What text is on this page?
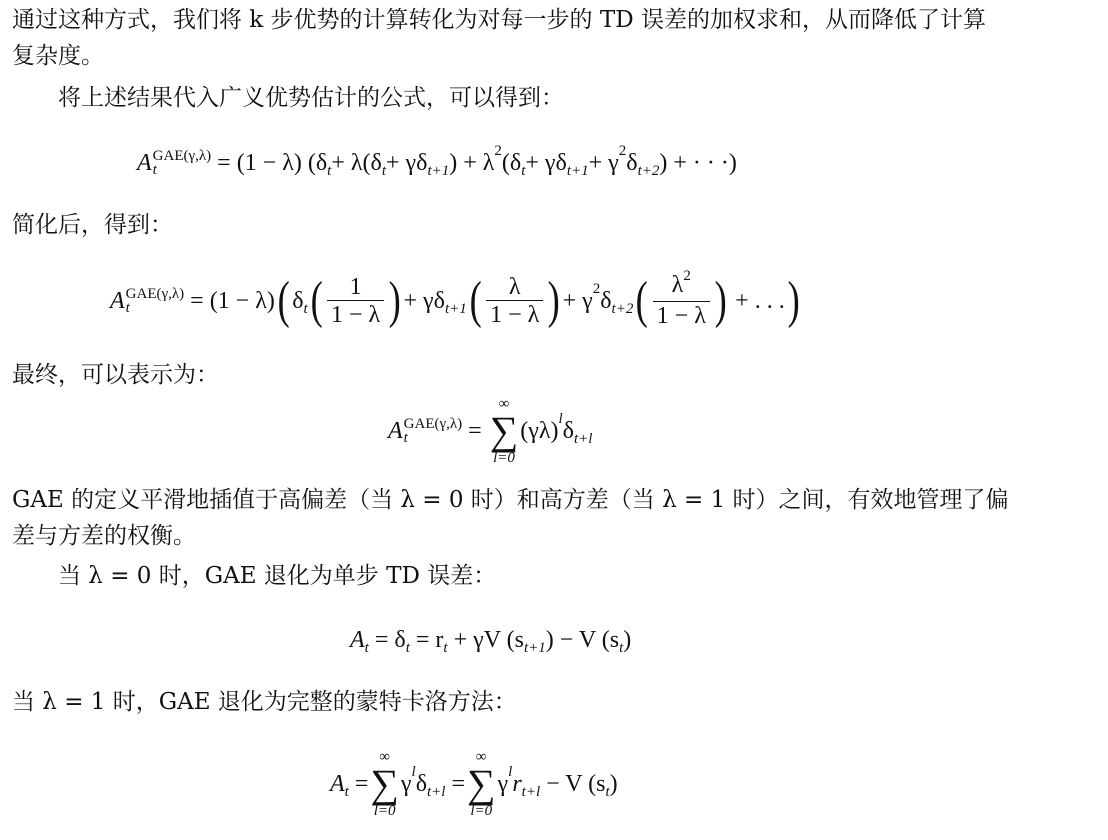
通过这种方式，我们将 k 步优势的计算转化为对每一步的 TD 误差的加权求和，从而降低了计算
复杂度。
将上述结果代入广义优势估计的公式，可以得到：
A GAE(γ,λ)
t	= (1 − λ) (δ t + λ(δ t + γδ t+1 ) + λ 2 (δ t + γδ t+1 + γ 2 δ t+2 ) + · · ·)
简化后，得到：
A GAE(γ,λ)
t	= (1 − λ) ( δ t ( $\frac{1}{1 - \lambda}$ ) + γδ t+1 ( $\frac{\lambda}{1 - \lambda}$ ) + γ 2 δ t+2 ( $\frac{\lambda^2}{1 - \lambda}$ ) + . . . )
最终，可以表示为：
A GAE(γ,λ)
t	=
∞
∑
l=0
(γλ) l δ t+l
GAE 的定义平滑地插值于高偏差（当 λ = 0 时）和高方差（当 λ = 1 时）之间，有效地管理了偏
差与方差的权衡。
当 λ = 0 时，GAE 退化为单步 TD 误差：
A t = δ t = r t + γV (s t+1 ) − V (s t )
当 λ = 1 时，GAE 退化为完整的蒙特卡洛方法：
A t =
∞
∑
l=0
γ l δ t+l =
∞
∑
l=0
γ l r t+l − V (s t )
